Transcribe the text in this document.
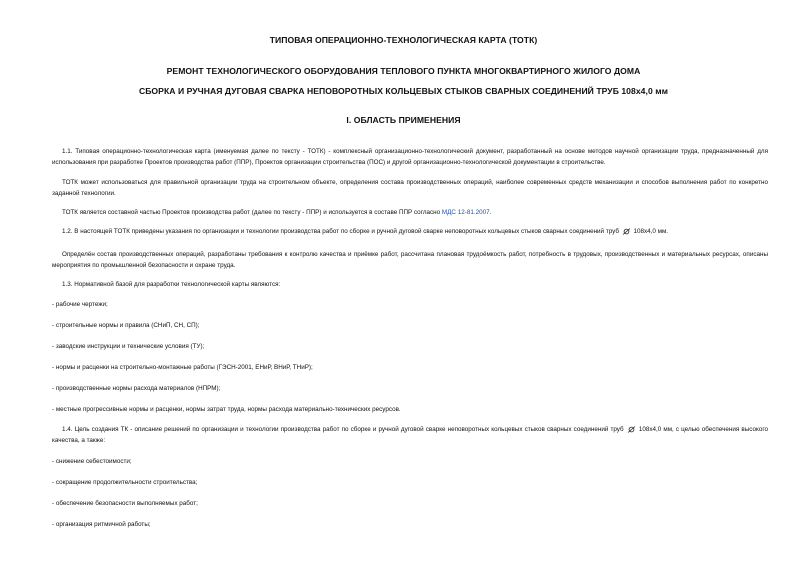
ТИПОВАЯ ОПЕРАЦИОННО-ТЕХНОЛОГИЧЕСКАЯ КАРТА (ТОТК)
РЕМОНТ ТЕХНОЛОГИЧЕСКОГО ОБОРУДОВАНИЯ ТЕПЛОВОГО ПУНКТА МНОГОКВАРТИРНОГО ЖИЛОГО ДОМА
СБОРКА И РУЧНАЯ ДУГОВАЯ СВАРКА НЕПОВОРОТНЫХ КОЛЬЦЕВЫХ СТЫКОВ СВАРНЫХ СОЕДИНЕНИЙ ТРУБ 108х4,0 мм
I. ОБЛАСТЬ ПРИМЕНЕНИЯ
1.1. Типовая операционно-технологическая карта (именуемая далее по тексту - ТОТК) - комплексный организационно-технологический документ, разработанный на основе методов научной организации труда, предназначенный для использования при разработке Проектов производства работ (ППР), Проектов организации строительства (ПОС) и другой организационно-технологической документации в строительстве.
ТОТК может использоваться для правильной организации труда на строительном объекте, определения состава производственных операций, наиболее современных средств механизации и способов выполнения работ по конкретно заданной технологии.
ТОТК является составной частью Проектов производства работ (далее по тексту - ППР) и используется в составе ППР согласно МДС 12-81.2007.
1.2. В настоящей ТОТК приведены указания по организации и технологии производства работ по сборке и ручной дуговой сварке неповоротных кольцевых стыков сварных соединений труб 108х4,0 мм.
Определён состав производственных операций, разработаны требования к контролю качества и приёмке работ, рассчитана плановая трудоёмкость работ, потребность в трудовых, производственных и материальных ресурсах, описаны мероприятия по промышленной безопасности и охране труда.
1.3. Нормативной базой для разработки технологической карты являются:
- рабочие чертежи;
- строительные нормы и правила (СНиП, СН, СП);
- заводские инструкции и технические условия (ТУ);
- нормы и расценки на строительно-монтажные работы (ГЭСН-2001, ЕНиР, ВНиР, ТНиР);
- производственные нормы расхода материалов (НПРМ);
- местные прогрессивные нормы и расценки, нормы затрат труда, нормы расхода материально-технических ресурсов.
1.4. Цель создания ТК - описание решений по организации и технологии производства работ по сборке и ручной дуговой сварке неповоротных кольцевых стыков сварных соединений труб 108х4,0 мм, с целью обеспечения высокого качества, а также:
- снижение себестоимости;
- сокращение продолжительности строительства;
- обеспечение безопасности выполняемых работ;
- организация ритмичной работы;
